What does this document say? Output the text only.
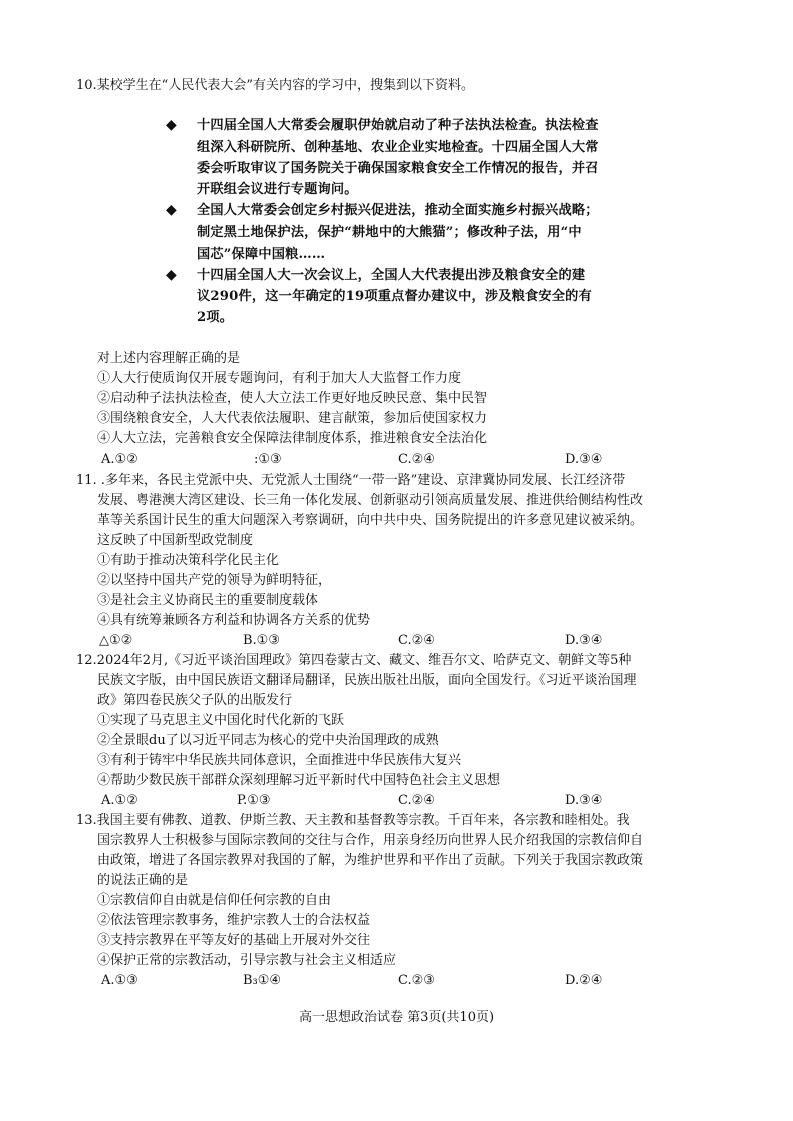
10.某校学生在“人民代表大会”有关内容的学习中，搜集到以下资料。
◆ 十四届全国人大常委会履职伊始就启动了种子法执法检查。执法检查
组深入科研院所、创种基地、农业企业实地检查。十四届全国人大常
委会听取审议了国务院关于确保国家粮食安全工作情况的报告，并召
开联组会议进行专题询问。
◆ 全国人大常委会创定乡村振兴促进法，推动全面实施乡村振兴战略；
制定黑土地保护法，保护“耕地中的大熊猫”；修改种子法，用“中
国芯”保障中国粮……
◆ 十四届全国人大一次会议上，全国人大代表提出涉及粮食安全的建
议290件，这一年确定的19项重点督办建议中，涉及粮食安全的有
2项。
对上述内容理解正确的是
①人大行使质询仅开展专题询问，有利于加大人大监督工作力度
②启动种子法执法检查，使人大立法工作更好地反映民意、集中民智
③围绕粮食安全，人大代表依法履职、建言献策，参加后使国家权力
④人大立法，完善粮食安全保障法律制度体系，推进粮食安全法治化
A.①②	:①③	C.②④	D.③④
11. .多年来，各民主党派中央、无党派人士围绕“一带一路”建设、京津冀协同发展、长江经济带
发展、粤港澳大湾区建设、长三角一体化发展、创新驱动引领高质量发展、推进供给侧结构性改
革等关系国计民生的重大问题深入考察调研，向中共中央、国务院提出的许多意见建议被采纳。
这反映了中国新型政党制度
①有助于推动决策科学化民主化
②以坚持中国共产党的领导为鲜明特征，
③是社会主义协商民主的重要制度载体
④具有统筹兼顾各方利益和协调各方关系的优势
△①②	B.①③	C.②④	D.③④
12.2024年2月,《习近平谈治国理政》第四卷蒙古文、藏文、维吾尔文、哈萨克文、朝鲜文等5种
民族文字版，由中国民族语文翻译局翻译，民族出版社出版，面向全国发行。《习近平谈治国理
政》第四卷民族父子队的出版发行
①实现了马克思主义中国化时代化新的飞跃
②全景眼du了以习近平同志为核心的党中央治国理政的成熟
③有利于铸牢中华民族共同体意识，全面推进中华民族伟大复兴
④帮助少数民族干部群众深刻理解习近平新时代中国特色社会主义思想
A.①②	P.①③	C.②④	D.③④
13.我国主要有佛教、道教、伊斯兰教、天主教和基督教等宗教。千百年来，各宗教和睦相处。我
国宗教界人士积极参与国际宗教间的交往与合作，用亲身经历向世界人民介绍我国的宗教信仰自
由政策，增进了各国宗教界对我国的了解，为维护世界和平作出了贡献。下列关于我国宗教政策
的说法正确的是
①宗教信仰自由就是信仰任何宗教的自由
②依法管理宗教事务，维护宗教人士的合法权益
③支持宗教界在平等友好的基础上开展对外交往
④保护正常的宗教活动，引导宗教与社会主义相适应
A.①③	B₃①④	C.②③	D.②④
高一思想政治试卷 第3页(共10页)
